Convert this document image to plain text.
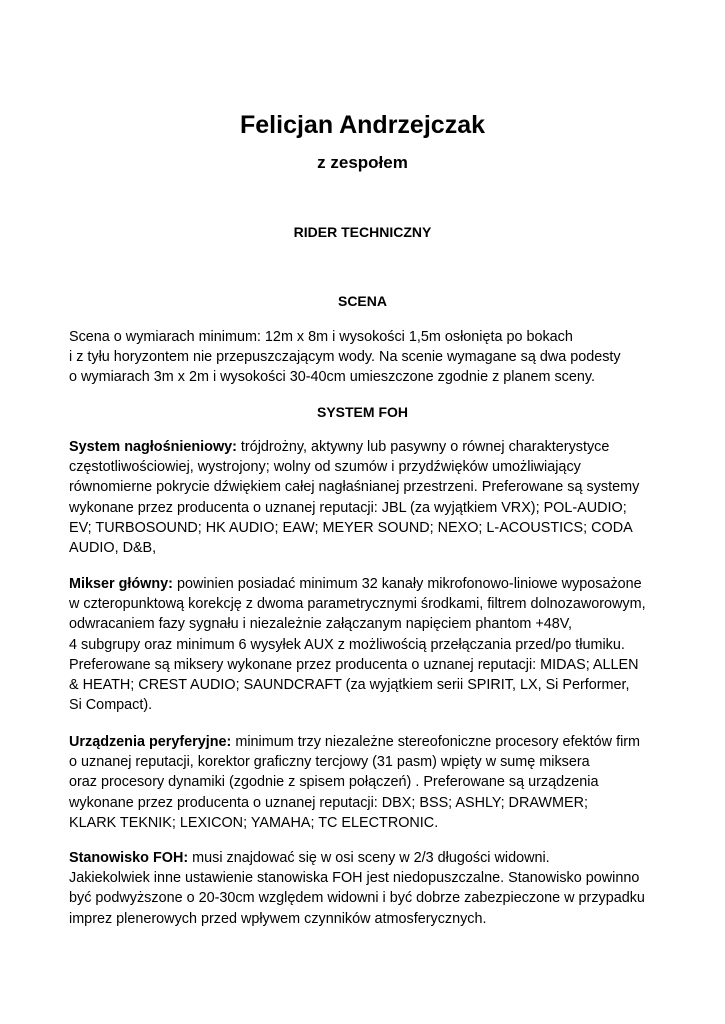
Felicjan Andrzejczak
z zespołem
RIDER TECHNICZNY
SCENA
Scena o wymiarach minimum: 12m x 8m i wysokości 1,5m osłonięta po bokach
i z tyłu horyzontem nie przepuszczającym wody. Na scenie wymagane są dwa podesty
o wymiarach 3m x 2m i wysokości 30-40cm umieszczone zgodnie z planem sceny.
SYSTEM FOH
System nagłośnieniowy: trójdrożny, aktywny lub pasywny o równej charakterystyce
częstotliwościowiej, wystrojony; wolny od szumów i przydźwięków umożliwiający
równomierne pokrycie dźwiękiem całej nagłaśnianej przestrzeni. Preferowane są systemy
wykonane przez producenta o uznanej reputacji: JBL (za wyjątkiem VRX); POL-AUDIO;
EV; TURBOSOUND; HK AUDIO; EAW; MEYER SOUND; NEXO; L-ACOUSTICS; CODA
AUDIO, D&B,
Mikser główny: powinien posiadać minimum 32 kanały mikrofonowo-liniowe wyposażone
w czteropunktową korekcję z dwoma parametrycznymi środkami, filtrem dolnozaworowym,
odwracaniem fazy sygnału i niezależnie załączanym napięciem phantom +48V,
4 subgrupy oraz minimum 6 wysyłek AUX z możliwością przełączania przed/po tłumiku.
Preferowane są miksery wykonane przez producenta o uznanej reputacji: MIDAS; ALLEN
& HEATH; CREST AUDIO; SAUNDCRAFT (za wyjątkiem serii SPIRIT, LX, Si Performer,
Si Compact).
Urządzenia peryferyjne: minimum trzy niezależne stereofoniczne procesory efektów firm
o uznanej reputacji, korektor graficzny tercjowy (31 pasm) wpięty w sumę miksera
oraz procesory dynamiki (zgodnie z spisem połączeń) . Preferowane są urządzenia
wykonane przez producenta o uznanej reputacji: DBX; BSS; ASHLY; DRAWMER;
KLARK TEKNIK; LEXICON; YAMAHA; TC ELECTRONIC.
Stanowisko FOH: musi znajdować się w osi sceny w 2/3 długości widowni.
Jakiekolwiek inne ustawienie stanowiska FOH jest niedopuszczalne. Stanowisko powinno
być podwyższone o 20-30cm względem widowni i być dobrze zabezpieczone w przypadku
imprez plenerowych przed wpływem czynników atmosferycznych.
